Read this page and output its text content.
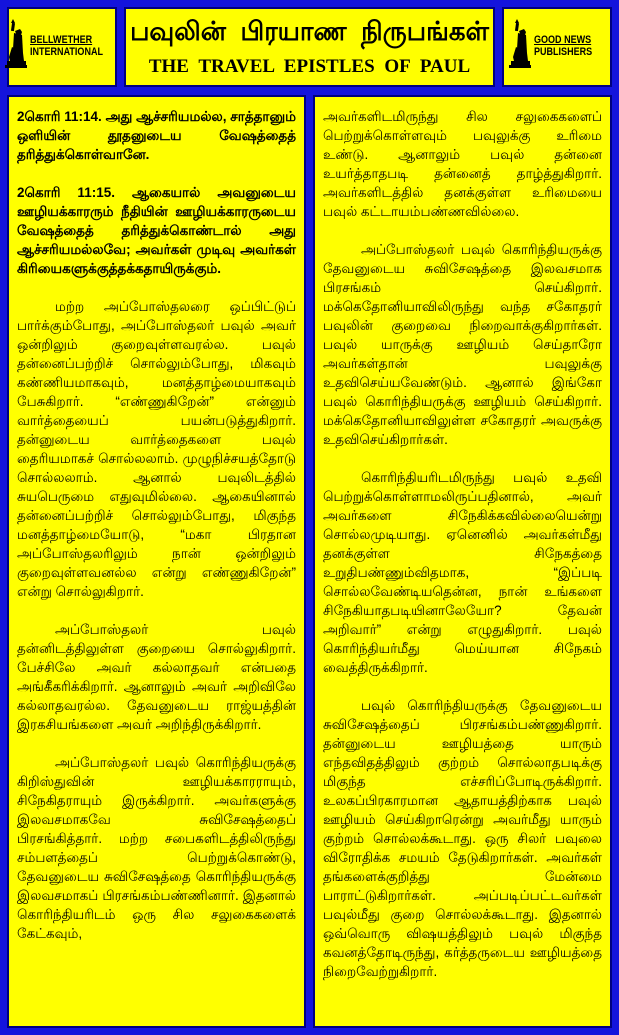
BELLWETHER
INTERNATIONAL
பவுலின் பிரயாண நிருபங்கள்
THE TRAVEL EPISTLES OF PAUL
GOOD NEWS
PUBLISHERS

2கொரி 11:14. அது ஆச்சரியமல்ல, சாத்தானும் ஒளியின் தூதனுடைய வேஷத்தைத் தரித்துக்கொள்வானே.

2கொரி 11:15. ஆகையால் அவனுடைய ஊழியக்காரரும் நீதியின் ஊழியக்காரருடைய வேஷத்தைத் தரித்துக்கொண்டால் அது ஆச்சரியமல்லவே; அவர்கள் முடிவு அவர்கள் கிரியைகளுக்குத்தக்கதாயிருக்கும்.

மற்ற அப்போஸ்தலரை ஒப்பிட்டுப் பார்க்கும்போது, அப்போஸ்தலர் பவுல் அவர் ஒன்றிலும் குறைவுள்ளவரல்ல. பவுல் தன்னைப்பற்றிச் சொல்லும்போது, மிகவும் கண்ணியமாகவும், மனத்தாழ்மையாகவும் பேசுகிறார். “எண்ணுகிறேன்” என்னும் வார்த்தையைப் பயன்படுத்துகிறார். தன்னுடைய வார்த்தைகளை பவுல் தைரியமாகச் சொல்லலாம். முழுநிச்சயத்தோடு சொல்லலாம். ஆனால் பவுலிடத்தில் சுயபெருமை எதுவுமில்லை. ஆகையினால் தன்னைப்பற்றிச் சொல்லும்போது, மிகுந்த மனத்தாழ்மையோடு, “மகா பிரதான அப்போஸ்தலரிலும் நான் ஒன்றிலும் குறைவுள்ளவனல்ல என்று எண்ணுகிறேன்” என்று சொல்லுகிறார்.

அப்போஸ்தலர் பவுல் தன்னிடத்திலுள்ள குறையை சொல்லுகிறார். பேச்சிலே அவர் கல்லாதவர் என்பதை அங்கீகரிக்கிறார். ஆனாலும் அவர் அறிவிலே கல்லாதவரல்ல. தேவனுடைய ராஜ்யத்தின் இரகசியங்களை அவர் அறிந்திருக்கிறார்.

அப்போஸ்தலர் பவுல் கொரிந்தியருக்கு கிறிஸ்துவின் ஊழியக்காரராயும், சிநேகிதராயும் இருக்கிறார். அவர்களுக்கு இலவசமாகவே சுவிசேஷத்தைப் பிரசங்கித்தார். மற்ற சபைகளிடத்திலிருந்து சம்பளத்தைப் பெற்றுக்கொண்டு, தேவனுடைய சுவிசேஷத்தை கொரிந்தியருக்கு இலவசமாகப் பிரசங்கம்பண்ணினார். இதனால் கொரிந்தியரிடம் ஒரு சில சலுகைகளைக் கேட்கவும்,

அவர்களிடமிருந்து சில சலுகைகளைப் பெற்றுக்கொள்ளவும் பவுலுக்கு உரிமை உண்டு. ஆனாலும் பவுல் தன்னை உயர்த்தாதபடி தன்னைத் தாழ்த்துகிறார். அவர்களிடத்தில் தனக்குள்ள உரிமையை பவுல் கட்டாயம்பண்ணவில்லை.

அப்போஸ்தலர் பவுல் கொரிந்தியருக்கு தேவனுடைய சுவிசேஷத்தை இலவசமாக பிரசங்கம் செய்கிறார். மக்கெதோனியாவிலிருந்து வந்த சகோதரர் பவுலின் குறைவை நிறைவாக்குகிறார்கள். பவுல் யாருக்கு ஊழியம் செய்தாரோ அவர்கள்தான் பவுலுக்கு உதவிசெய்யவேண்டும். ஆனால் இங்கோ பவுல் கொரிந்தியருக்கு ஊழியம் செய்கிறார். மக்கெதோனியாவிலுள்ள சகோதரர் அவருக்கு உதவிசெய்கிறார்கள்.

கொரிந்தியரிடமிருந்து பவுல் உதவி பெற்றுக்கொள்ளாமலிருப்பதினால், அவர் அவர்களை சிநேகிக்கவில்லையென்று சொல்லமுடியாது. ஏனெனில் அவர்கள்மீது தனக்குள்ள சிநேகத்தை உறுதிபண்ணும்விதமாக, “இப்படி சொல்லவேண்டியதென்ன, நான் உங்களை சிநேகியாதபடியினாலேயோ? தேவன் அறிவார்” என்று எழுதுகிறார். பவுல் கொரிந்தியர்மீது மெய்யான சிநேகம் வைத்திருக்கிறார்.

பவுல் கொரிந்தியருக்கு தேவனுடைய சுவிசேஷத்தைப் பிரசங்கம்பண்ணுகிறார். தன்னுடைய ஊழியத்தை யாரும் எந்தவிதத்திலும் குற்றம் சொல்லாதபடிக்கு மிகுந்த எச்சரிப்போடிருக்கிறார். உலகப்பிரகாரமான ஆதாயத்திற்காக பவுல் ஊழியம் செய்கிறாரென்று அவர்மீது யாரும் குற்றம் சொல்லக்கூடாது. ஒரு சிலர் பவுலை விரோதிக்க சமயம் தேடுகிறார்கள். அவர்கள் தங்களைக்குறித்து மேன்மை பாராட்டுகிறார்கள். அப்படிப்பட்டவர்கள் பவுல்மீது குறை சொல்லக்கூடாது. இதனால் ஒவ்வொரு விஷயத்திலும் பவுல் மிகுந்த கவனத்தோடிருந்து, கர்த்தருடைய ஊழியத்தை நிறைவேற்றுகிறார்.
